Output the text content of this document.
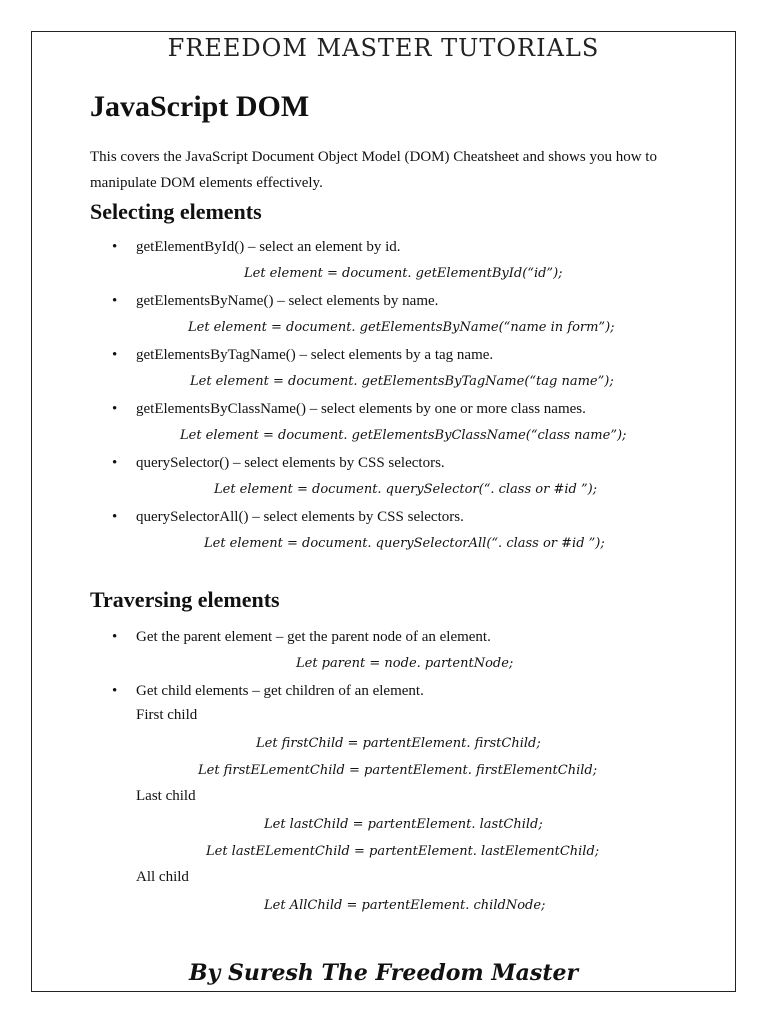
FREEDOM MASTER TUTORIALS
JavaScript DOM
This covers the JavaScript Document Object Model (DOM) Cheatsheet and shows you how to manipulate DOM elements effectively.
Selecting elements
• getElementById() – select an element by id.
Let element = document. getElementById(“id”);
• getElementsByName() – select elements by name.
Let element = document. getElementsByName(“name in form”);
• getElementsByTagName() – select elements by a tag name.
Let element = document. getElementsByTagName(“tag name”);
• getElementsByClassName() – select elements by one or more class names.
Let element = document. getElementsByClassName(“class name”);
• querySelector() – select elements by CSS selectors.
Let element = document. querySelector(“. class or #id ”);
• querySelectorAll() – select elements by CSS selectors.
Let element = document. querySelectorAll(“. class or #id ”);
Traversing elements
• Get the parent element – get the parent node of an element.
Let parent = node. partentNode;
• Get child elements – get children of an element.
First child
Let firstChild = partentElement. firstChild;
Let firstELementChild = partentElement. firstElementChild;
Last child
Let lastChild = partentElement. lastChild;
Let lastELementChild = partentElement. lastElementChild;
All child
Let AllChild = partentElement. childNode;
By Suresh The Freedom Master
